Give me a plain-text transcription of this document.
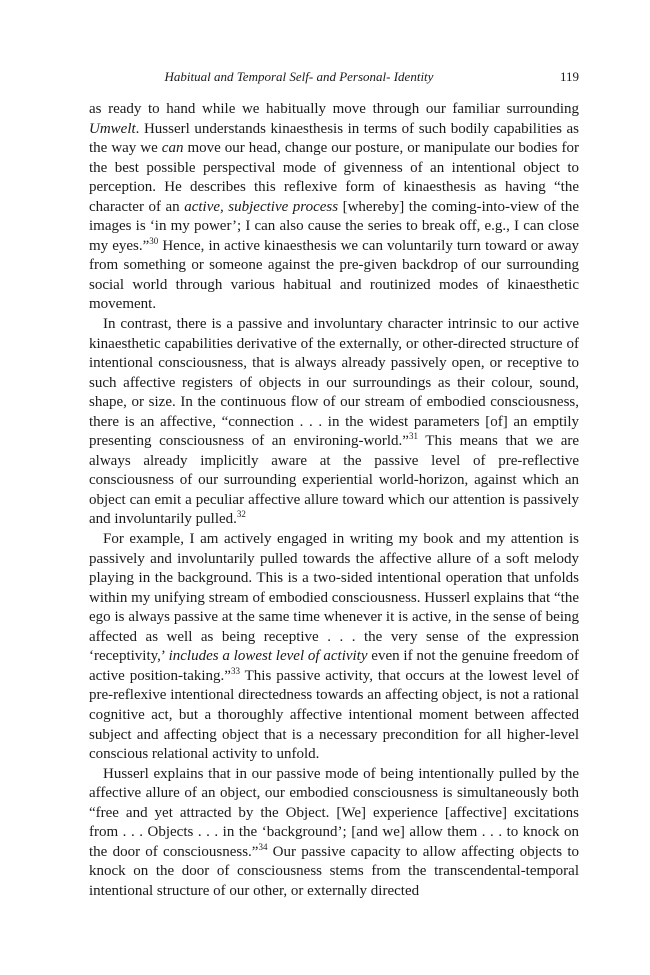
Habitual and Temporal Self- and Personal- Identity	119

as ready to hand while we habitually move through our familiar surrounding Umwelt. Husserl understands kinaesthesis in terms of such bodily capabilities as the way we can move our head, change our posture, or manipulate our bodies for the best possible perspectival mode of givenness of an intentional object to perception. He describes this reflexive form of kinaesthesis as having “the character of an active, subjective process [whereby] the coming-into-view of the images is ‘in my power’; I can also cause the series to break off, e.g., I can close my eyes.”$^{30}$ Hence, in active kinaesthesis we can voluntarily turn toward or away from something or someone against the pre-given backdrop of our surrounding social world through various habitual and routinized modes of kinaesthetic movement.

In contrast, there is a passive and involuntary character intrinsic to our active kinaesthetic capabilities derivative of the externally, or other-directed structure of intentional consciousness, that is always already passively open, or receptive to such affective registers of objects in our surroundings as their colour, sound, shape, or size. In the continuous flow of our stream of embodied consciousness, there is an affective, “connection . . . in the widest parameters [of] an emptily presenting consciousness of an environing-world.”$^{31}$ This means that we are always already implicitly aware at the passive level of pre-reflective consciousness of our surrounding experiential world-horizon, against which an object can emit a peculiar affective allure toward which our attention is passively and involuntarily pulled.$^{32}$

For example, I am actively engaged in writing my book and my attention is passively and involuntarily pulled towards the affective allure of a soft melody playing in the background. This is a two-sided intentional operation that unfolds within my unifying stream of embodied consciousness. Husserl explains that “the ego is always passive at the same time whenever it is active, in the sense of being affected as well as being receptive . . . the very sense of the expression ‘receptivity,’ includes a lowest level of activity even if not the genuine freedom of active position-taking.”$^{33}$ This passive activity, that occurs at the lowest level of pre-reflexive intentional directedness towards an affecting object, is not a rational cognitive act, but a thoroughly affective intentional moment between affected subject and affecting object that is a necessary precondition for all higher-level conscious relational activity to unfold.

Husserl explains that in our passive mode of being intentionally pulled by the affective allure of an object, our embodied consciousness is simultaneously both “free and yet attracted by the Object. [We] experience [affective] excitations from . . . Objects . . . in the ‘background’; [and we] allow them . . . to knock on the door of consciousness.”$^{34}$ Our passive capacity to allow affecting objects to knock on the door of consciousness stems from the transcendental-temporal intentional structure of our other, or externally directed
